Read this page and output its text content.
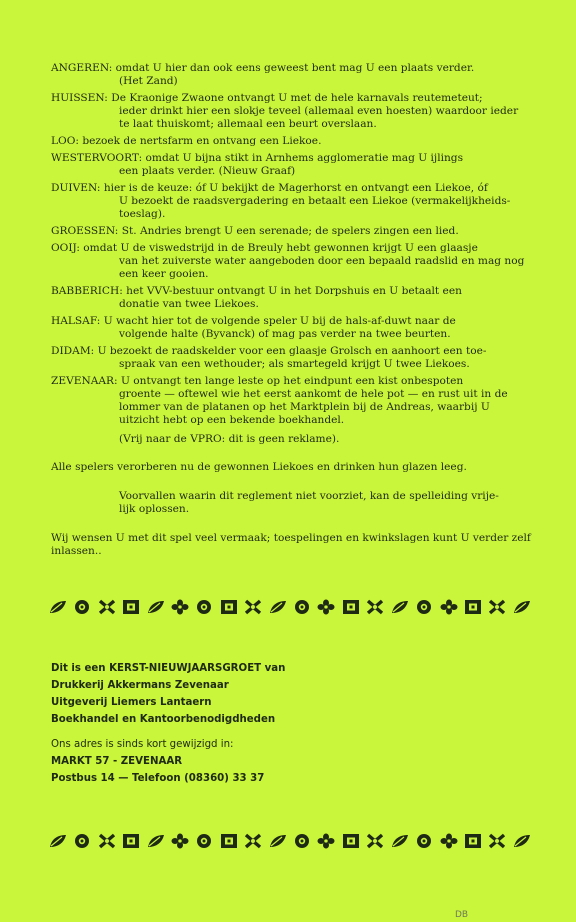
ANGEREN: omdat U hier dan ook eens geweest bent mag U een plaats verder.
(Het Zand)
HUISSEN: De Kraonige Zwaone ontvangt U met de hele karnavals reutemeteut;
ieder drinkt hier een slokje teveel (allemaal even hoesten) waardoor ieder te laat thuiskomt; allemaal een beurt overslaan.
LOO: bezoek de nertsfarm en ontvang een Liekoe.
WESTERVOORT: omdat U bijna stikt in Arnhems agglomeratie mag U ijlings
een plaats verder. (Nieuw Graaf)
DUIVEN: hier is de keuze: óf U bekijkt de Magerhorst en ontvangt een Liekoe, óf
U bezoekt de raadsvergadering en betaalt een Liekoe (vermakelijkheids-toeslag).
GROESSEN: St. Andries brengt U een serenade; de spelers zingen een lied.
OOIJ: omdat U de viswedstrijd in de Breuly hebt gewonnen krijgt U een glaasje
van het zuiverste water aangeboden door een bepaald raadslid en mag nog een keer gooien.
BABBERICH: het VVV-bestuur ontvangt U in het Dorpshuis en U betaalt een
donatie van twee Liekoes.
HALSAF: U wacht hier tot de volgende speler U bij de hals-af-duwt naar de
volgende halte (Byvanck) of mag pas verder na twee beurten.
DIDAM: U bezoekt de raadskelder voor een glaasje Grolsch en aanhoort een toe-
spraak van een wethouder; als smartegeld krijgt U twee Liekoes.
ZEVENAAR: U ontvangt ten lange leste op het eindpunt een kist onbespoten
groente — oftewel wie het eerst aankomt de hele pot — en rust uit in de lommer van de platanen op het Marktplein bij de Andreas, waarbij U uitzicht hebt op een bekende boekhandel.
(Vrij naar de VPRO: dit is geen reklame).
Alle spelers verorberen nu de gewonnen Liekoes en drinken hun glazen leeg.
Voorvallen waarin dit reglement niet voorziet, kan de spelleiding vrije-
lijk oplossen.
Wij wensen U met dit spel veel vermaak; toespelingen en kwinkslagen kunt U verder zelf inlassen..
Dit is een KERST-NIEUWJAARSGROET van
Drukkerij Akkermans Zevenaar
Uitgeverij Liemers Lantaern
Boekhandel en Kantoorbenodigdheden
Ons adres is sinds kort gewijzigd in:
MARKT 57 - ZEVENAAR
Postbus 14 — Telefoon (08360) 33 37
DB
